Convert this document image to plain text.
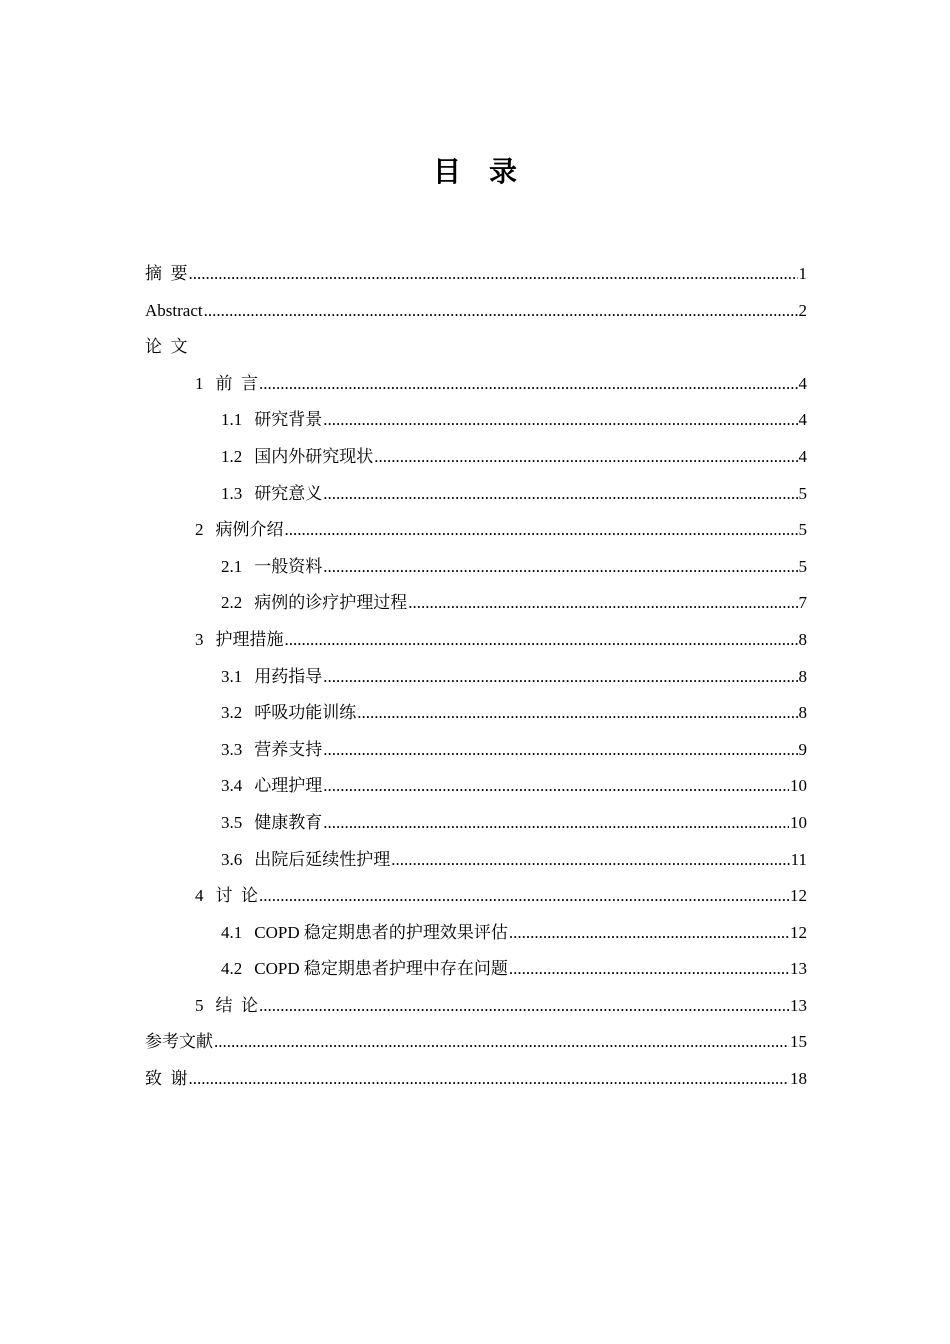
目录
摘  要 .....	1
Abstract .....	2
论  文
1 前  言 .....	4
1.1 研究背景 .....	4
1.2 国内外研究现状 .....	4
1.3 研究意义 .....	5
2 病例介绍 .....	5
2.1 一般资料 .....	5
2.2 病例的诊疗护理过程 .....	7
3 护理措施 .....	8
3.1 用药指导 .....	8
3.2 呼吸功能训练 .....	8
3.3 营养支持 .....	9
3.4 心理护理 .....	10
3.5 健康教育 .....	10
3.6 出院后延续性护理 .....	11
4 讨  论 .....	12
4.1 COPD 稳定期患者的护理效果评估 .....	12
4.2 COPD 稳定期患者护理中存在问题 .....	13
5 结  论 .....	13
参考文献 .....	15
致  谢 .....	18
